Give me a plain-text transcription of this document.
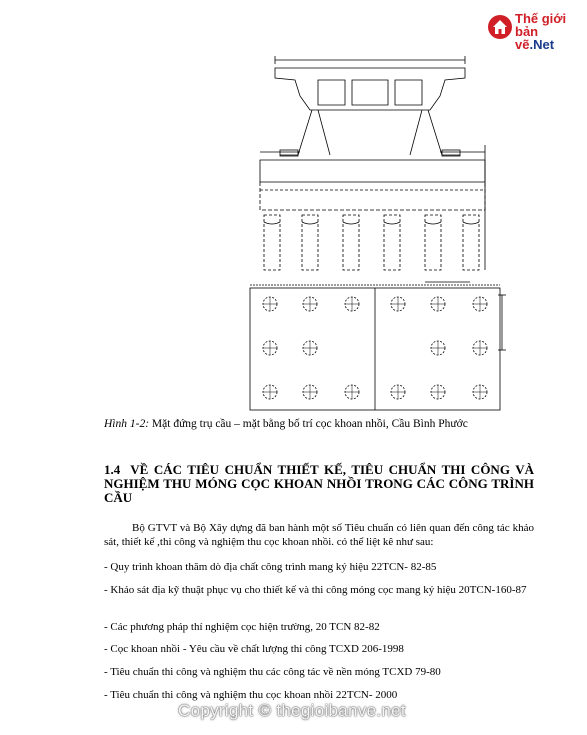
Thế giới
bản vẽ.Net
Hình 1-2: Mặt đứng trụ cầu – mặt bằng bố trí cọc khoan nhồi, Cầu Bình Phước
1.4 VỀ CÁC TIÊU CHUẨN THIẾT KẾ, TIÊU CHUẨN THI CÔNG VÀ NGHIỆM THU MÓNG CỌC KHOAN NHỒI TRONG CÁC CÔNG TRÌNH CẦU
Bộ GTVT và Bộ Xây dựng đã ban hành một số Tiêu chuẩn có liên quan đến công tác khảo sát, thiết kế ,thi công và nghiệm thu cọc khoan nhồi. có thể liệt kê như sau:
- Quy trình khoan thăm dò địa chất công trình mang ký hiệu 22TCN- 82-85
- Khảo sát địa kỹ thuật phục vụ cho thiết kế và thi công móng cọc mang ký hiệu 20TCN-160-87
- Các phương pháp thí nghiệm cọc hiện trường, 20 TCN 82-82
- Cọc khoan nhồi - Yêu cầu về chất lượng thi công TCXD 206-1998
- Tiêu chuẩn thi công và nghiệm thu các công tác về nền móng TCXD 79-80
- Tiêu chuẩn thi công và nghiệm thu cọc khoan nhồi 22TCN- 2000
Copyright © thegioibanve.net
